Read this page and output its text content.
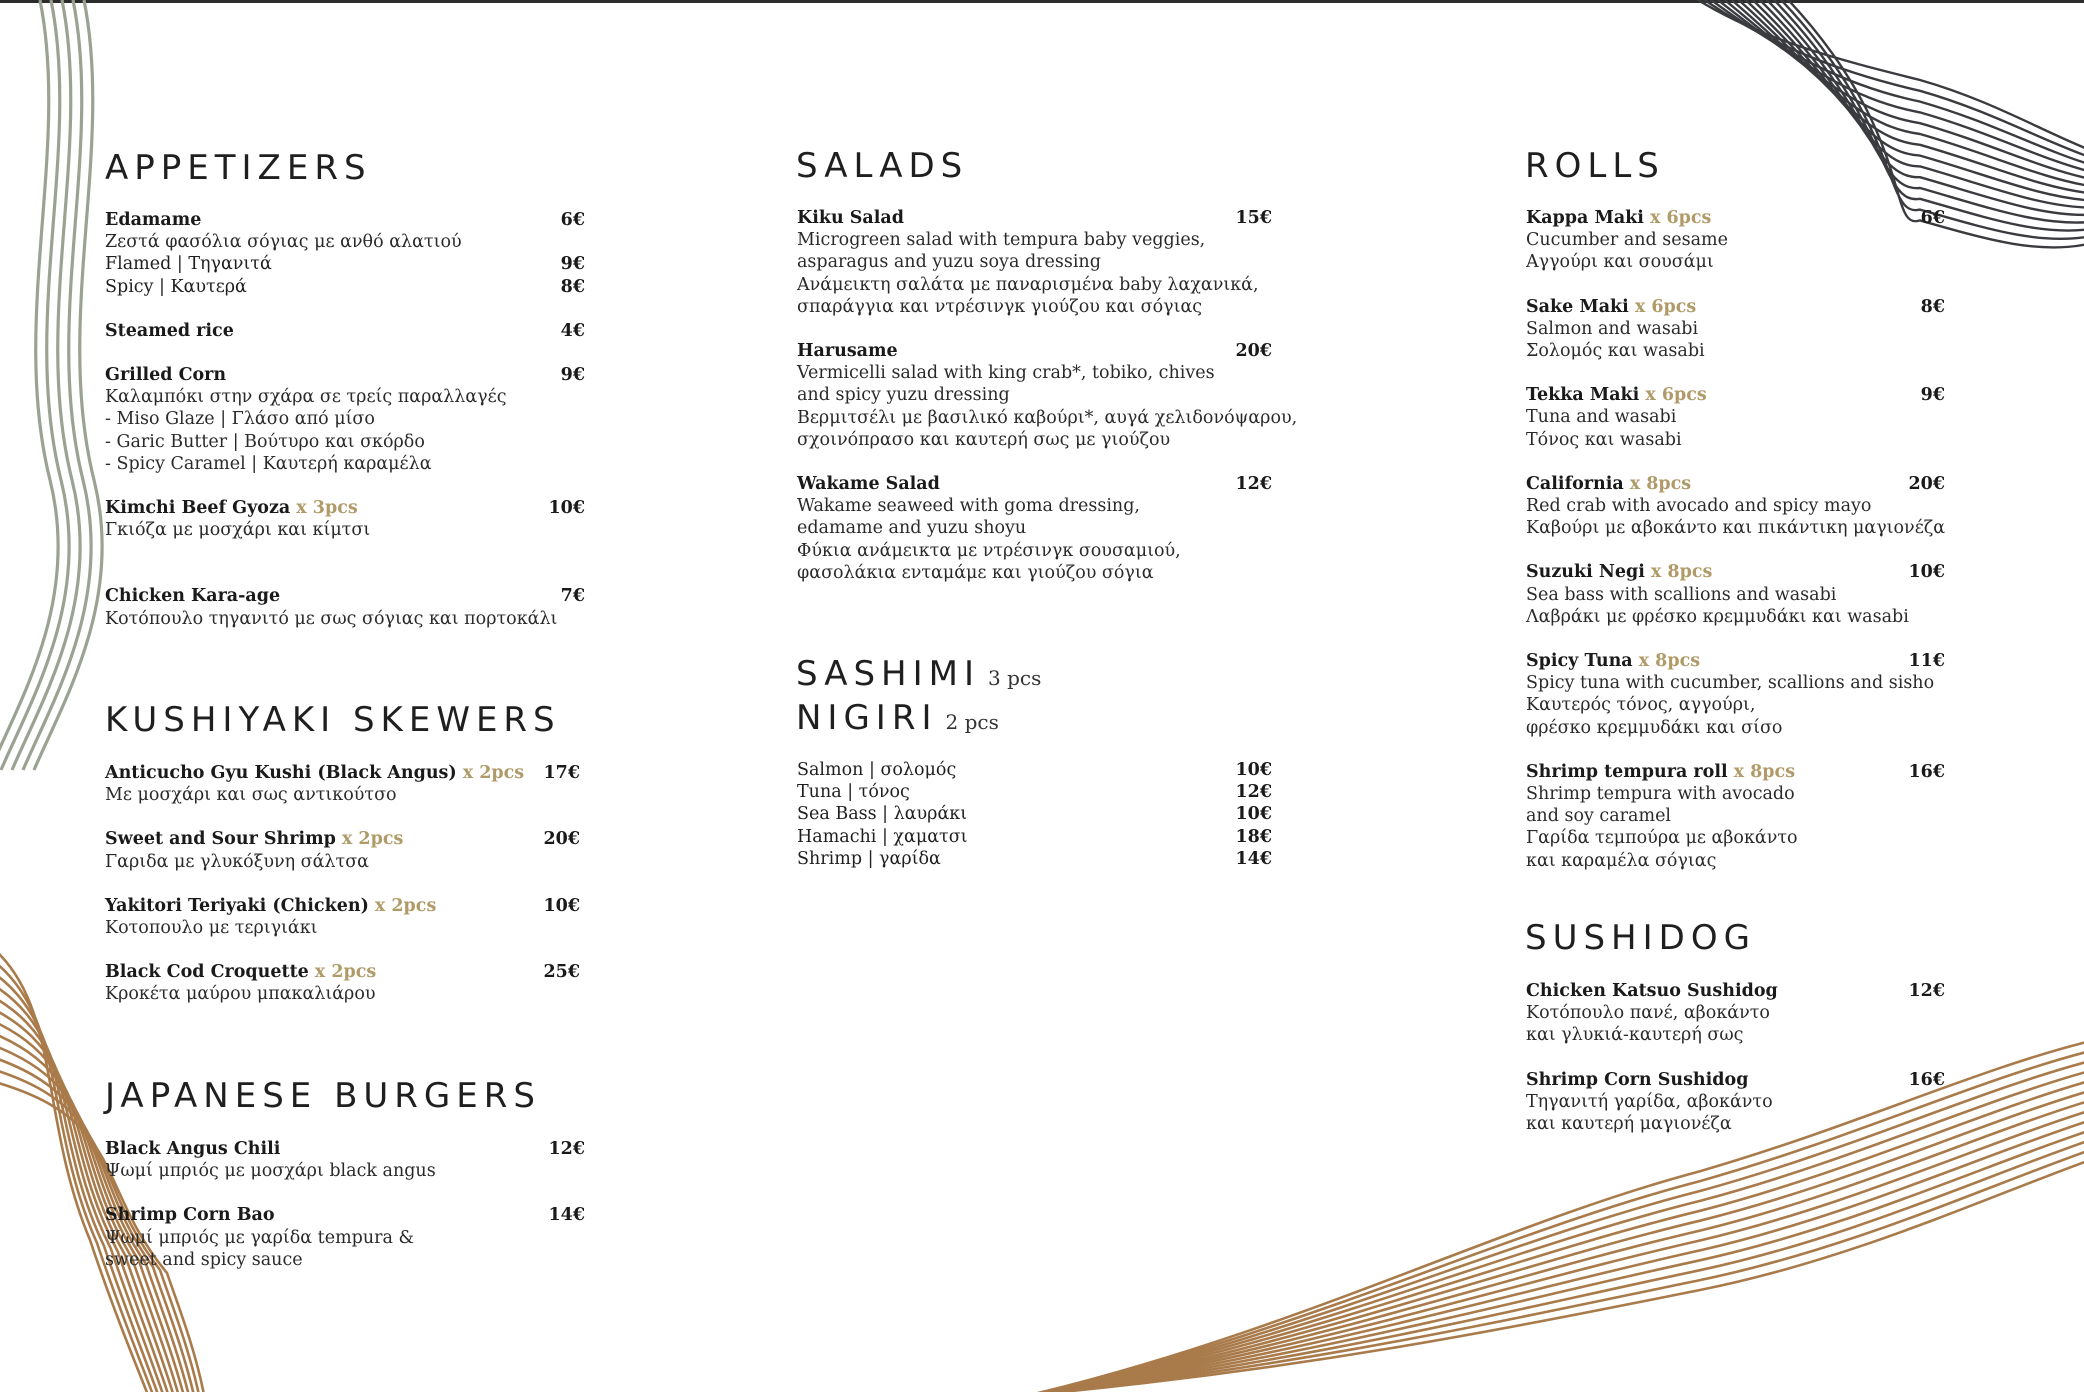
APPETIZERS
Edamame	6€
Ζεστά φασόλια σόγιας με ανθό αλατιού
Flamed | Τηγανιτά	9€
Spicy | Καυτερά	8€
Steamed rice	4€
Grilled Corn	9€
Καλαμπόκι στην σχάρα σε τρείς παραλλαγές
- Miso Glaze | Γλάσο από μίσο
- Garic Butter | Βούτυρο και σκόρδο
- Spicy Caramel | Καυτερή καραμέλα
Kimchi Beef Gyoza x 3pcs	10€
Γκιόζα με μοσχάρι και κίμτσι
Chicken Kara-age	7€
Κοτόπουλο τηγανιτό με σως σόγιας και πορτοκάλι
KUSHIYAKI SKEWERS
Anticucho Gyu Kushi (Black Angus) x 2pcs 17€
Με μοσχάρι και σως αντικούτσο
Sweet and Sour Shrimp x 2pcs	20€
Γαριδα με γλυκόξυνη σάλτσα
Yakitori Teriyaki (Chicken) x 2pcs	10€
Κοτοπουλο με τεριγιάκι
Black Cod Croquette x 2pcs	25€
Κροκέτα μαύρου μπακαλιάρου
JAPANESE BURGERS
Black Angus Chili	12€
Ψωμί μπριός με μοσχάρι black angus
Shrimp Corn Bao	14€
Ψωμί μπριός με γαρίδα tempura &
sweet and spicy sauce
SALADS
Kiku Salad	15€
Microgreen salad with tempura baby veggies,
asparagus and yuzu soya dressing
Ανάμεικτη σαλάτα με παναρισμένα baby λαχανικά,
σπαράγγια και ντρέσινγκ γιούζου και σόγιας
Harusame	20€
Vermicelli salad with king crab*, tobiko, chives
and spicy yuzu dressing
Βερμιτσέλι με βασιλικό καβούρι*, αυγά χελιδονόψαρου,
σχοινόπρασο και καυτερή σως με γιούζου
Wakame Salad	12€
Wakame seaweed with goma dressing,
edamame and yuzu shoyu
Φύκια ανάμεικτα με ντρέσινγκ σουσαμιού,
φασολάκια ενταμάμε και γιούζου σόγια
SASHIMI 3 pcs
NIGIRI 2 pcs
Salmon | σολομός	10€
Tuna | τόνος	12€
Sea Bass | λαυράκι	10€
Hamachi | χαματσι	18€
Shrimp | γαρίδα	14€
ROLLS
Kappa Maki x 6pcs	6€
Cucumber and sesame
Αγγούρι και σουσάμι
Sake Maki x 6pcs	8€
Salmon and wasabi
Σολομός και wasabi
Tekka Maki x 6pcs	9€
Tuna and wasabi
Τόνος και wasabi
California x 8pcs	20€
Red crab with avocado and spicy mayo
Καβούρι με αβοκάντο και πικάντικη μαγιονέζα
Suzuki Negi x 8pcs	10€
Sea bass with scallions and wasabi
Λαβράκι με φρέσκο κρεμμυδάκι και wasabi
Spicy Tuna x 8pcs	11€
Spicy tuna with cucumber, scallions and sisho
Καυτερός τόνος, αγγούρι,
φρέσκο κρεμμυδάκι και σίσο
Shrimp tempura roll x 8pcs	16€
Shrimp tempura with avocado
and soy caramel
Γαρίδα τεμπούρα με αβοκάντο
και καραμέλα σόγιας
SUSHIDOG
Chicken Katsuo Sushidog	12€
Κοτόπουλο πανέ, αβοκάντο
και γλυκιά-καυτερή σως
Shrimp Corn Sushidog	16€
Τηγανιτή γαρίδα, αβοκάντο
και καυτερή μαγιονέζα
